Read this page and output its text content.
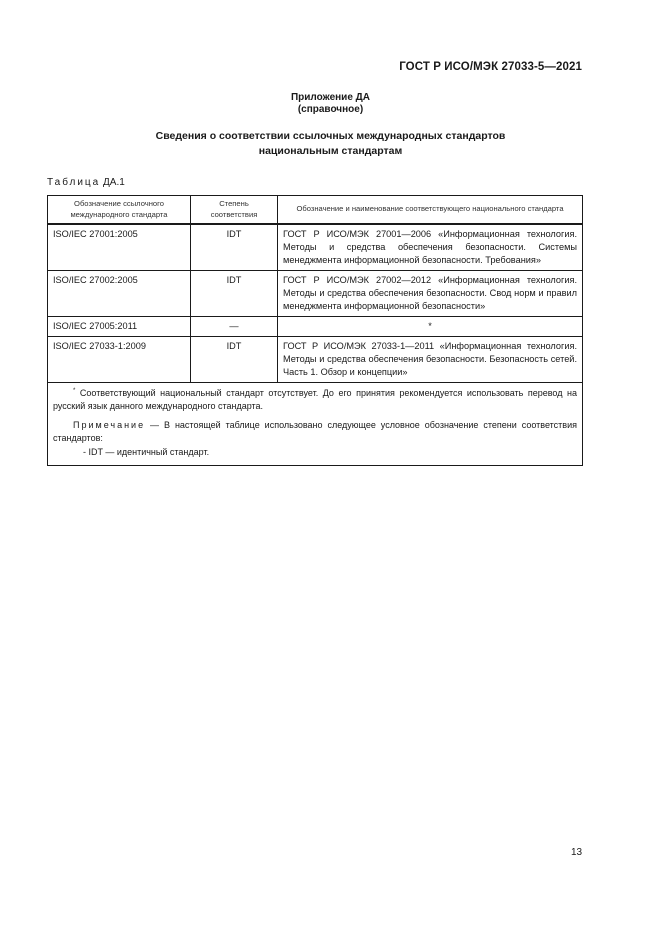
ГОСТ Р ИСО/МЭК 27033-5—2021
Приложение ДА
(справочное)
Сведения о соответствии ссылочных международных стандартов
национальным стандартам
Таблица ДА.1
Обозначение ссылочного международного стандарта	Степень соответствия	Обозначение и наименование соответствующего национального стандарта
ISO/IEC 27001:2005	IDT	ГОСТ Р ИСО/МЭК 27001—2006 «Информационная технология. Методы и средства обеспечения безопасности. Системы менеджмента информационной безопасности. Требования»
ISO/IEC 27002:2005	IDT	ГОСТ Р ИСО/МЭК 27002—2012 «Информационная технология. Методы и средства обеспечения безопасности. Свод норм и правил менеджмента информационной безопасности»
ISO/IEC 27005:2011	—	*
ISO/IEC 27033-1:2009	IDT	ГОСТ Р ИСО/МЭК 27033-1—2011 «Информационная технология. Методы и средства обеспечения безопасности. Безопасность сетей. Часть 1. Обзор и концепции»

* Соответствующий национальный стандарт отсутствует. До его принятия рекомендуется использовать перевод на русский язык данного международного стандарта.

Примечание — В настоящей таблице использовано следующее условное обозначение степени соответствия стандартов:

- IDT — идентичный стандарт.		

13
